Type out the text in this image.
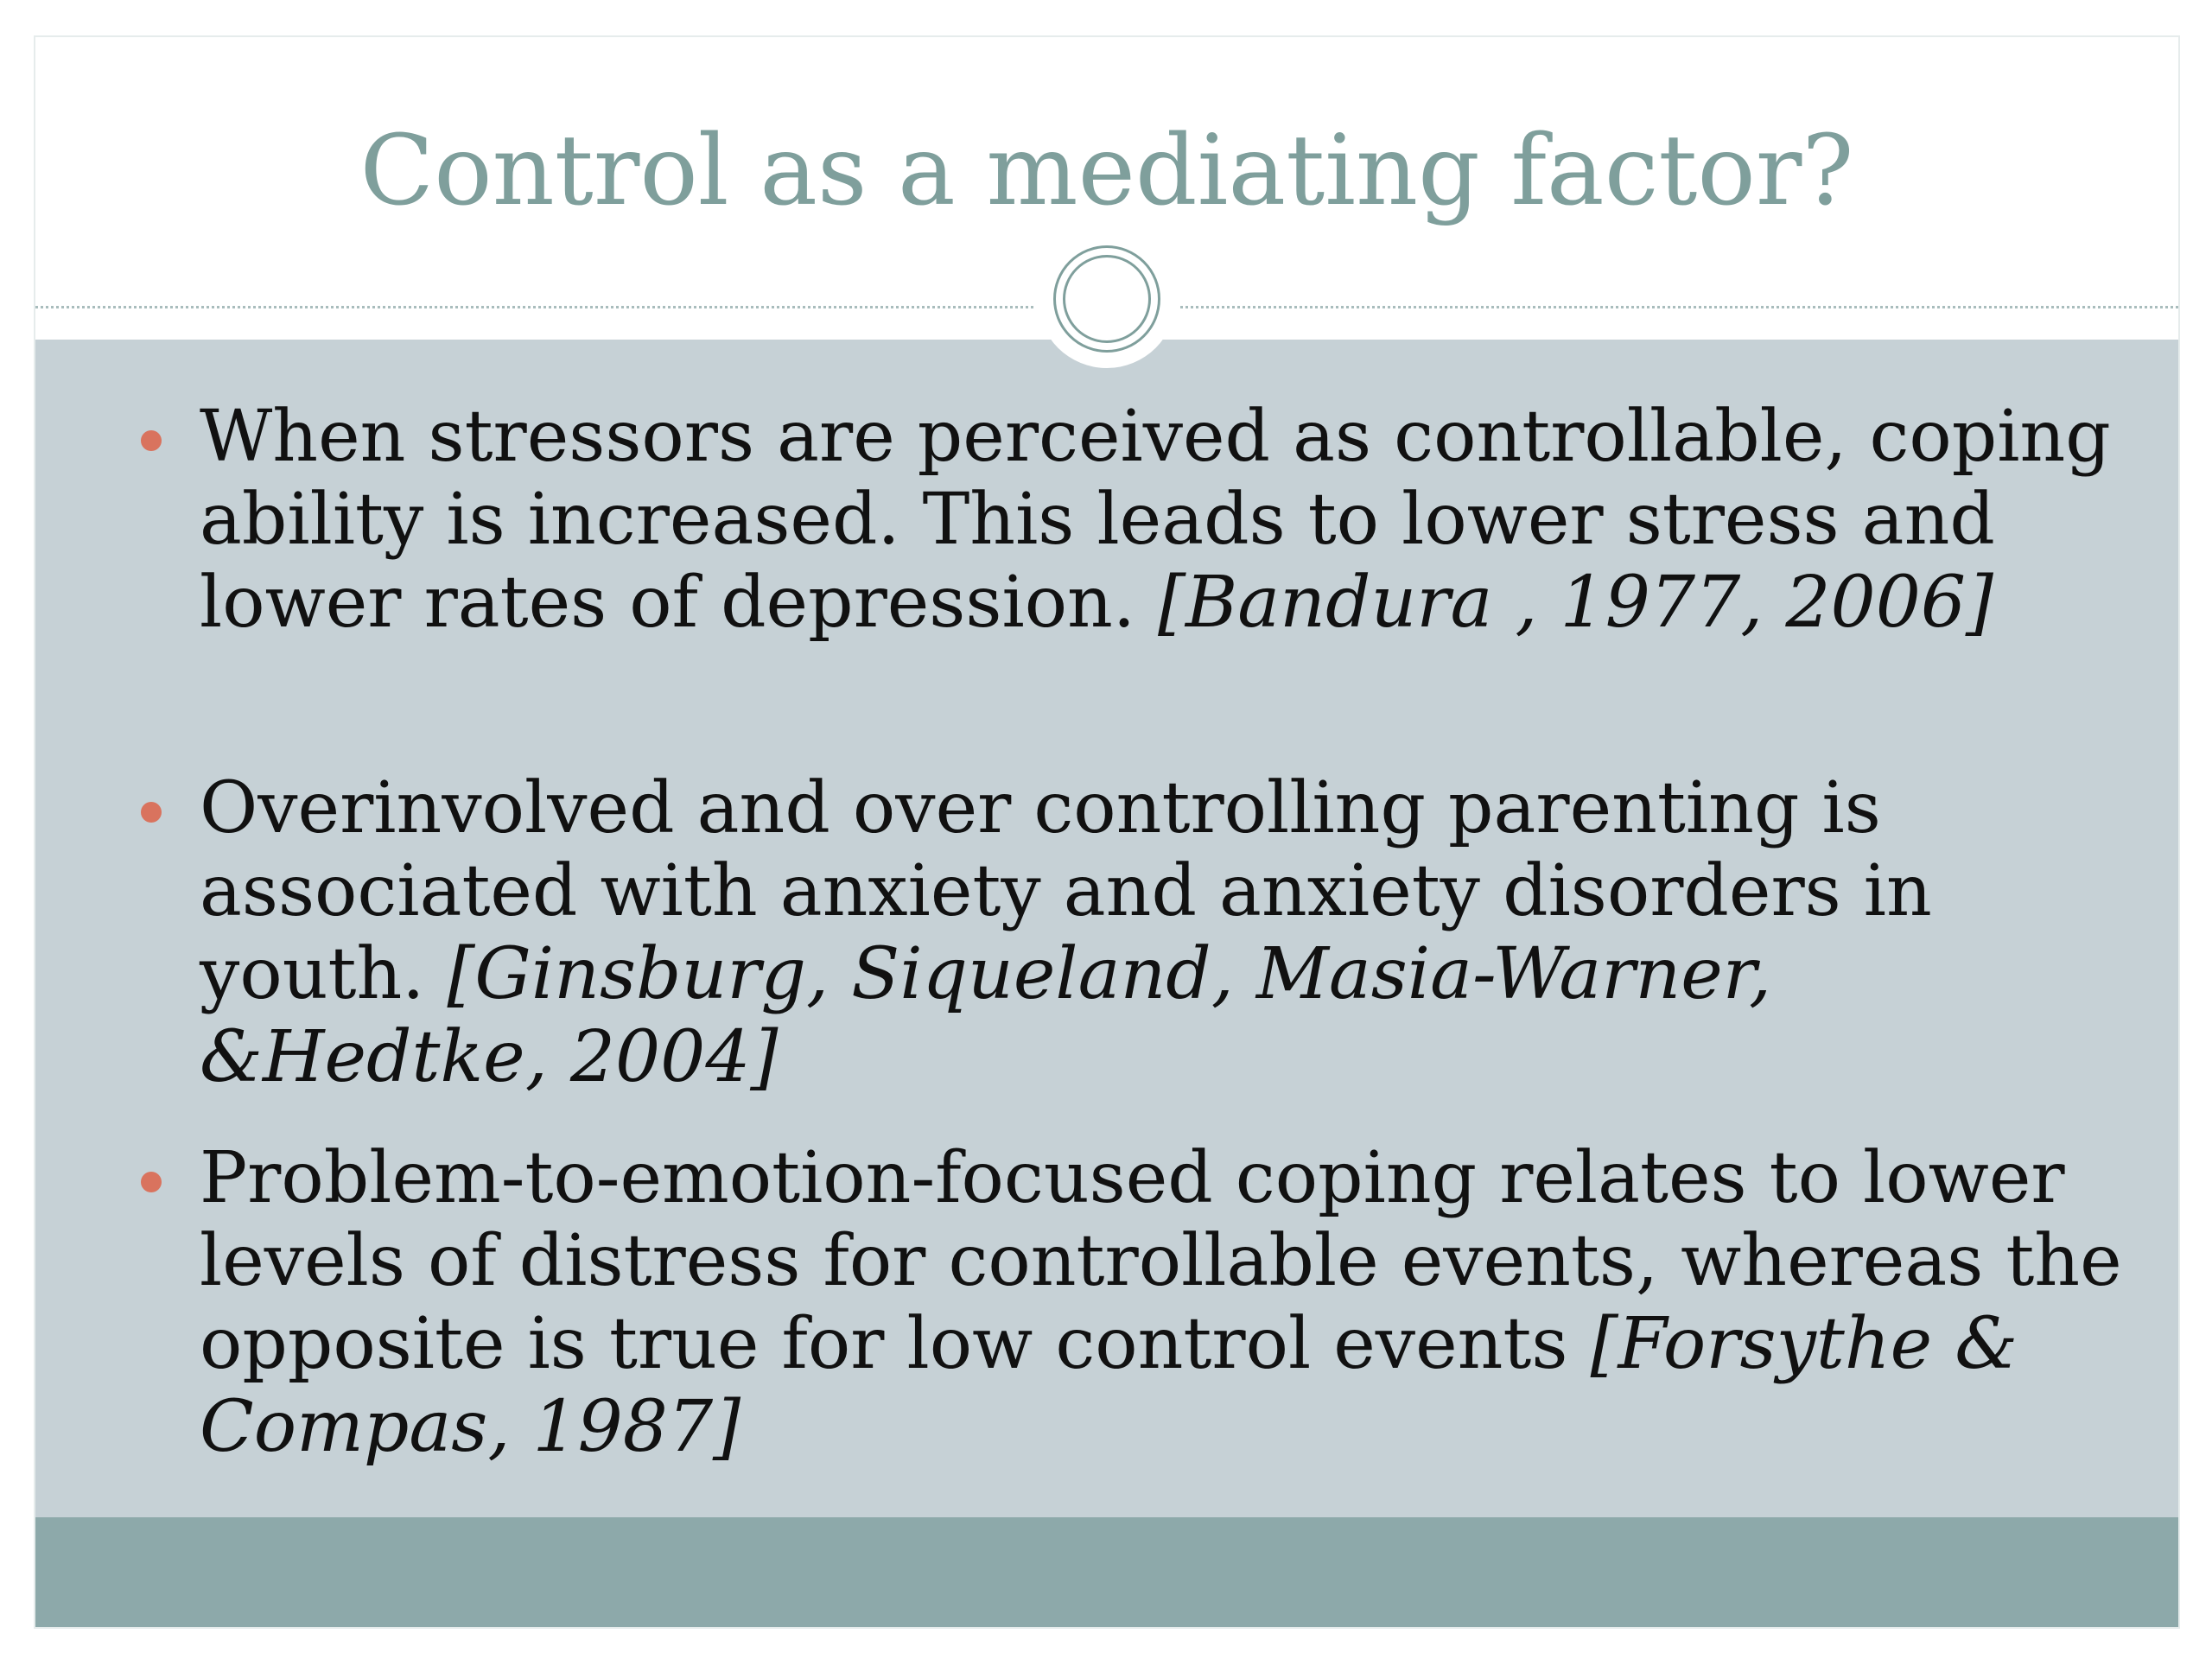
Control as a mediating factor?
When stressors are perceived as controllable, coping ability is increased. This leads to lower stress and lower rates of depression. [Bandura , 1977, 2006]
Overinvolved and over controlling parenting is associated with anxiety and anxiety disorders in youth. [Ginsburg, Siqueland, Masia-Warner, &Hedtke, 2004]
Problem-to-emotion-focused coping relates to lower levels of distress for controllable events, whereas the opposite is true for low control events [Forsythe & Compas, 1987]
